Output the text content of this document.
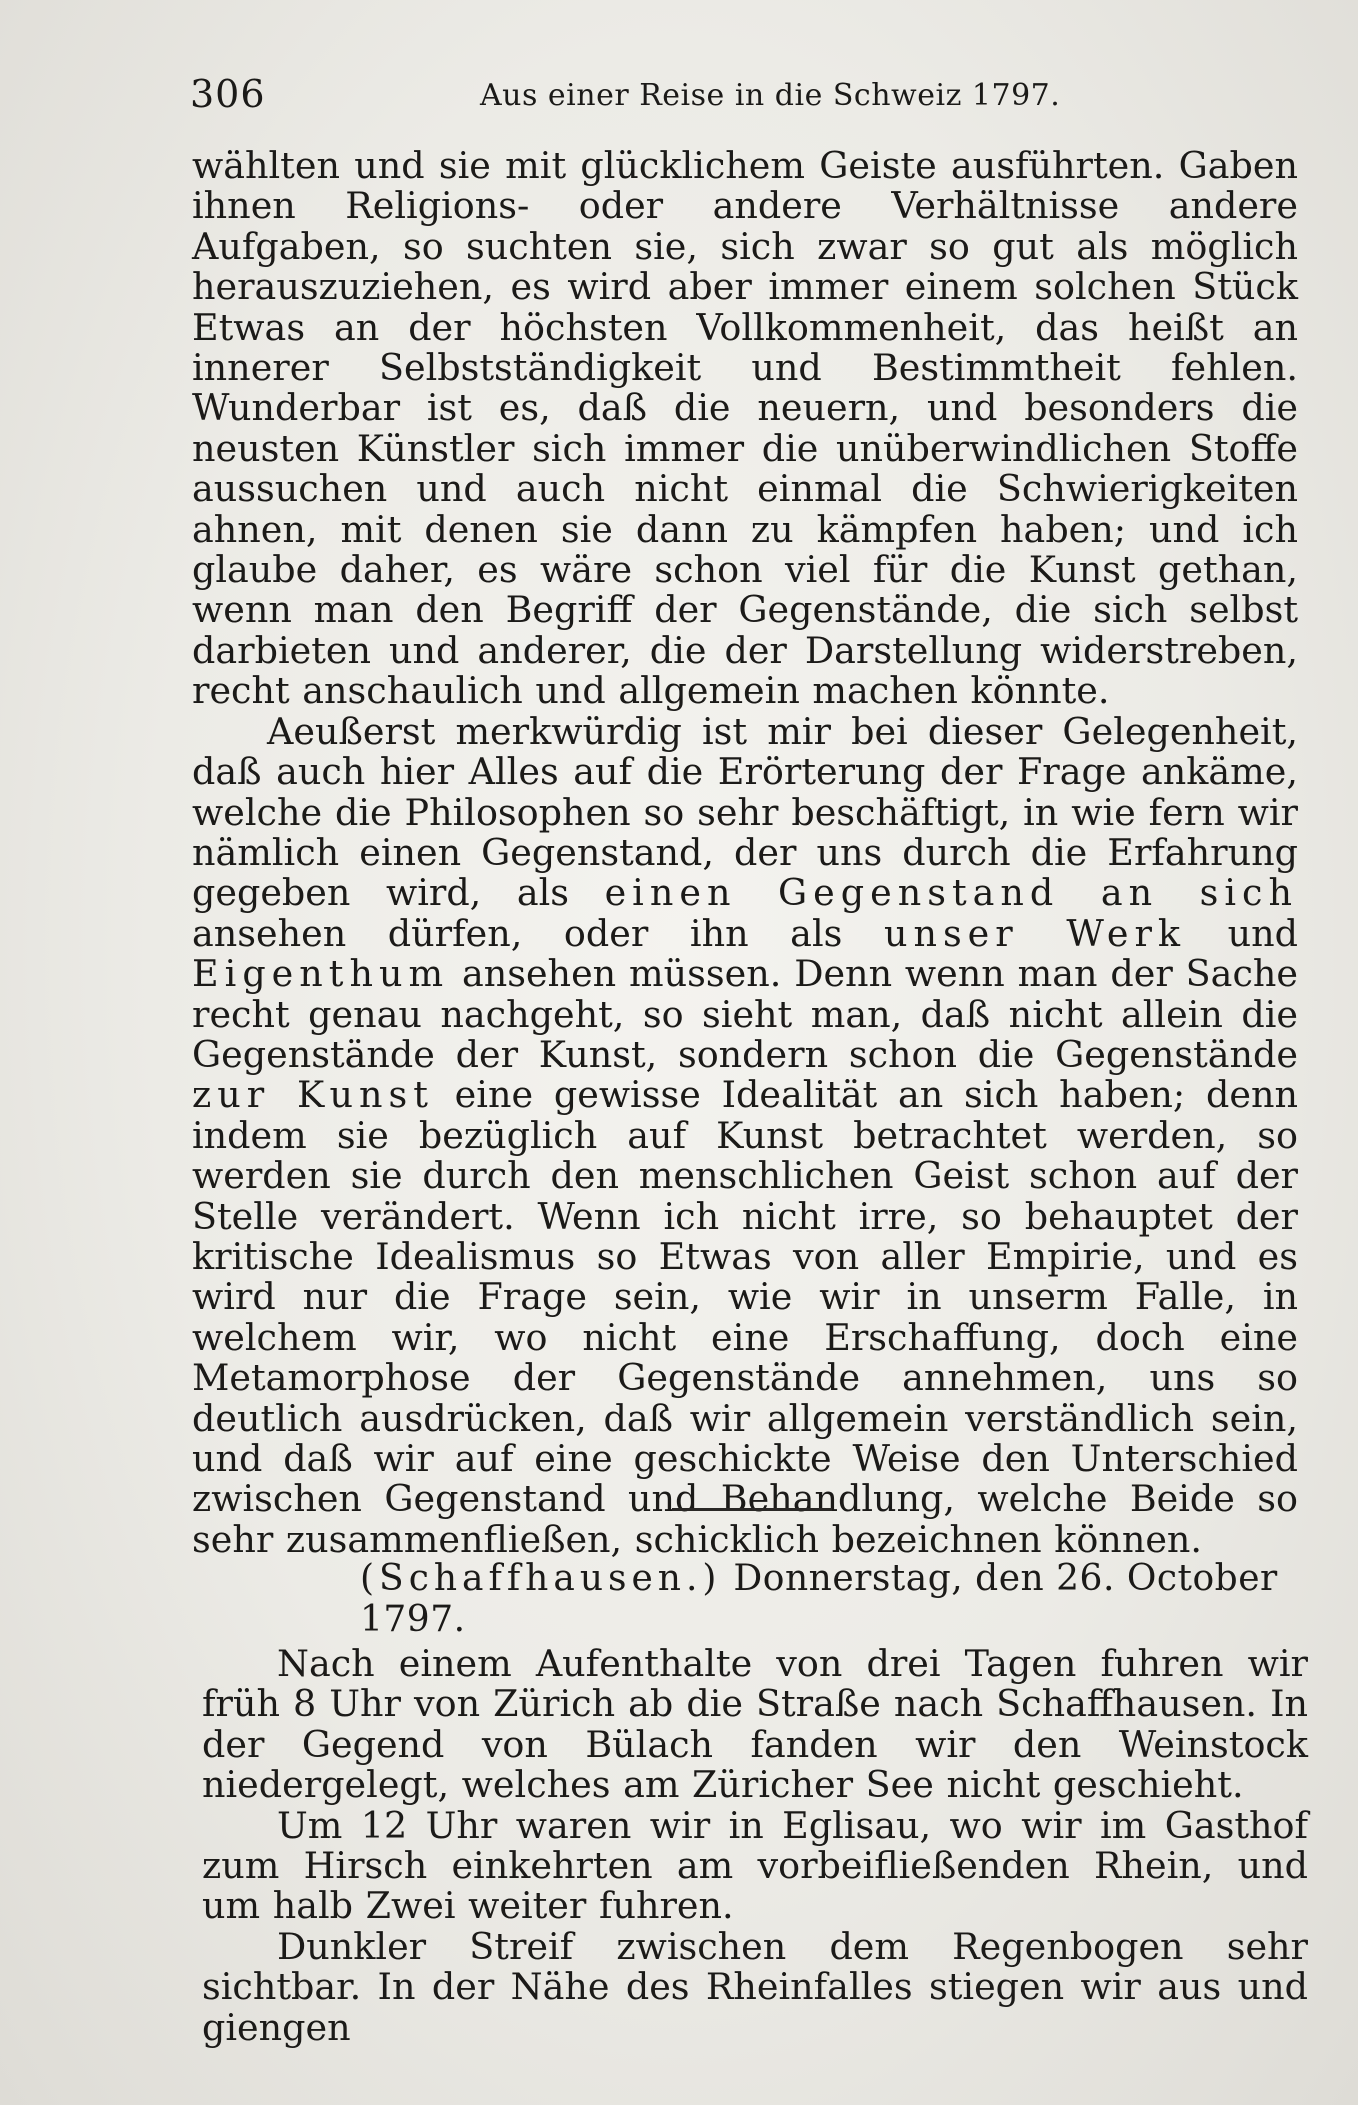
306	Aus einer Reise in die Schweiz 1797.

wählten und sie mit glücklichem Geiste ausführten. Gaben ihnen Religions- oder andere Verhältnisse andere Aufgaben, so suchten sie, sich zwar so gut als möglich herauszuziehen, es wird aber immer einem solchen Stück Etwas an der höchsten Vollkommenheit, das heißt an innerer Selbstständigkeit und Bestimmtheit fehlen. Wunderbar ist es, daß die neuern, und besonders die neusten Künstler sich immer die unüberwindlichen Stoffe aussuchen und auch nicht einmal die Schwierigkeiten ahnen, mit denen sie dann zu kämpfen haben; und ich glaube daher, es wäre schon viel für die Kunst gethan, wenn man den Begriff der Gegenstände, die sich selbst darbieten und anderer, die der Darstellung widerstreben, recht anschaulich und allgemein machen könnte.

Aeußerst merkwürdig ist mir bei dieser Gelegenheit, daß auch hier Alles auf die Erörterung der Frage ankäme, welche die Philosophen so sehr beschäftigt, in wie fern wir nämlich einen Gegenstand, der uns durch die Erfahrung gegeben wird, als einen Gegenstand an sich ansehen dürfen, oder ihn als unser Werk und Eigenthum ansehen müssen. Denn wenn man der Sache recht genau nachgeht, so sieht man, daß nicht allein die Gegenstände der Kunst, sondern schon die Gegenstände zur Kunst eine gewisse Idealität an sich haben; denn indem sie bezüglich auf Kunst betrachtet werden, so werden sie durch den menschlichen Geist schon auf der Stelle verändert. Wenn ich nicht irre, so behauptet der kritische Idealismus so Etwas von aller Empirie, und es wird nur die Frage sein, wie wir in unserm Falle, in welchem wir, wo nicht eine Erschaffung, doch eine Metamorphose der Gegenstände annehmen, uns so deutlich ausdrücken, daß wir allgemein verständlich sein, und daß wir auf eine geschickte Weise den Unterschied zwischen Gegenstand und Behandlung, welche Beide so sehr zusammenfließen, schicklich bezeichnen können.

(Schaffhausen.) Donnerstag, den 26. October 1797.

Nach einem Aufenthalte von drei Tagen fuhren wir früh 8 Uhr von Zürich ab die Straße nach Schaffhausen. In der Gegend von Bülach fanden wir den Weinstock niedergelegt, welches am Züricher See nicht geschieht.

Um 12 Uhr waren wir in Eglisau, wo wir im Gasthof zum Hirsch einkehrten am vorbeifließenden Rhein, und um halb Zwei weiter fuhren.

Dunkler Streif zwischen dem Regenbogen sehr sichtbar. In der Nähe des Rheinfalles stiegen wir aus und giengen
